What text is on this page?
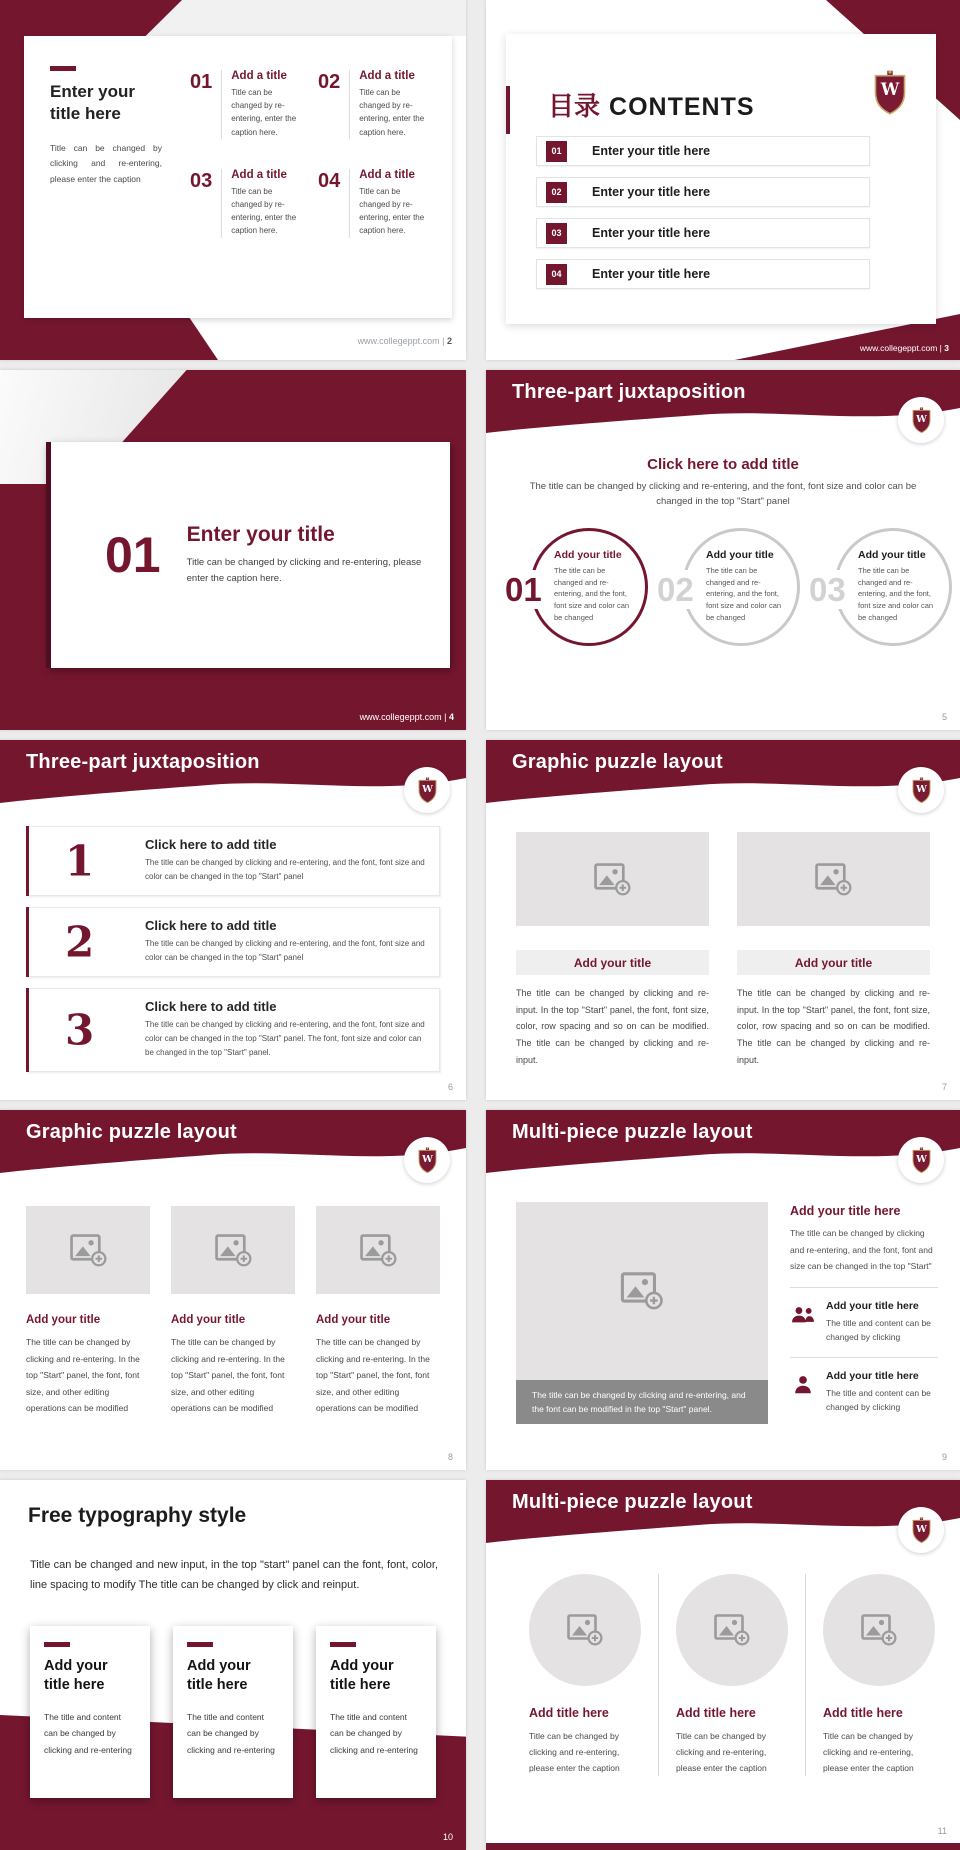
www.collegeppt.com | 2
Enter your title here

Title can be changed by clicking and re-entering, please enter the caption

01 Add a title

Title can be changed by re-entering, enter the caption here.

02 Add a title

Title can be changed by re-entering, enter the caption here.

03 Add a title

Title can be changed by re-entering, enter the caption here.

04 Add a title

Title can be changed by re-entering, enter the caption here.

目录 CONTENTS
01	Enter your title here
02	Enter your title here
03	Enter your title here
04	Enter your title here
www.collegeppt.com | 3
01 Enter your title

Title can be changed by clicking and re-entering, please enter the caption here.

www.collegeppt.com | 4
Three-part juxtaposition
Click here to add title
The title can be changed by clicking and re-entering, and the font, font size and color can be changed in the top "Start" panel
Add your title
The title can be changed and re-entering, and the font, font size and color can be changed
01
Add your title
The title can be changed and re-entering, and the font, font size and color can be changed
02
Add your title
The title can be changed and re-entering, and the font, font size and color can be changed
03
5
Three-part juxtaposition
1	Click here to add title

The title can be changed by clicking and re-entering, and the font, font size and color can be changed in the top "Start" panel

2	Click here to add title

The title can be changed by clicking and re-entering, and the font, font size and color can be changed in the top "Start" panel

3	Click here to add title

The title can be changed by clicking and re-entering, and the font, font size and color can be changed in the top "Start" panel. The font, font size and color can be changed in the top "Start" panel.

6
Graphic puzzle layout
Add your title

The title can be changed by clicking and re-input. In the top "Start" panel, the font, font size, color, row spacing and so on can be modified. The title can be changed by clicking and re-input.

Add your title

The title can be changed by clicking and re-input. In the top "Start" panel, the font, font size, color, row spacing and so on can be modified. The title can be changed by clicking and re-input.

7
Graphic puzzle layout
Add your title

The title can be changed by clicking and re-entering. In the top "Start" panel, the font, font size, and other editing operations can be modified

Add your title

The title can be changed by clicking and re-entering. In the top "Start" panel, the font, font size, and other editing operations can be modified

Add your title

The title can be changed by clicking and re-entering. In the top "Start" panel, the font, font size, and other editing operations can be modified

8
Multi-piece puzzle layout
The title can be changed by clicking and re-entering, and the font can be modified in the top "Start" panel.
Add your title here

The title can be changed by clicking and re-entering, and the font, font and size can be changed in the top "Start"

Add your title here

The title and content can be changed by clicking

Add your title here

The title and content can be changed by clicking

9
Free typography style

Title can be changed and new input, in the top "start" panel can the font, font, color, line spacing to modify The title can be changed by click and reinput.

Add your title here

The title and content can be changed by clicking and re-entering

Add your title here

The title and content can be changed by clicking and re-entering

Add your title here

The title and content can be changed by clicking and re-entering

10
Multi-piece puzzle layout
Add title here

Title can be changed by clicking and re-entering, please enter the caption

Add title here

Title can be changed by clicking and re-entering, please enter the caption

Add title here

Title can be changed by clicking and re-entering, please enter the caption

11
